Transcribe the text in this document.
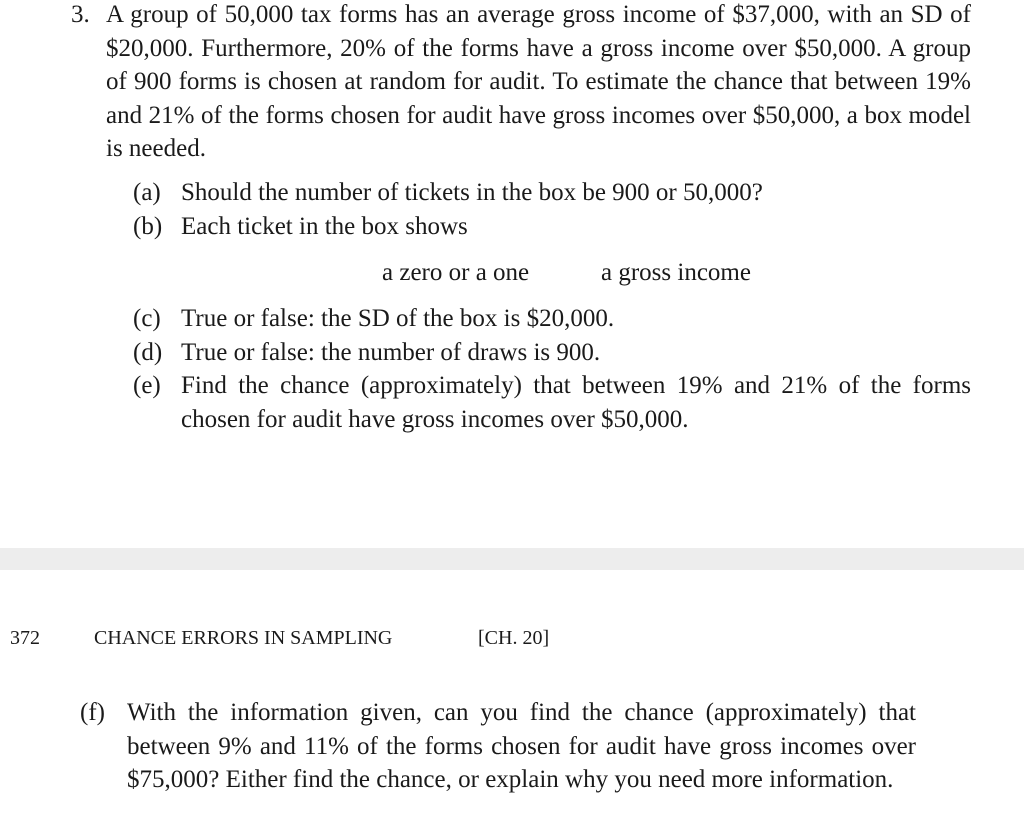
3. A group of 50,000 tax forms has an average gross income of $37,000, with an SD of $20,000. Furthermore, 20% of the forms have a gross income over $50,000. A group of 900 forms is chosen at random for audit. To estimate the chance that between 19% and 21% of the forms chosen for audit have gross incomes over $50,000, a box model is needed.
(a) Should the number of tickets in the box be 900 or 50,000?
(b) Each ticket in the box shows
a zero or a one	a gross income
(c) True or false: the SD of the box is $20,000.
(d) True or false: the number of draws is 900.
(e) Find the chance (approximately) that between 19% and 21% of the forms chosen for audit have gross incomes over $50,000.
372	CHANCE ERRORS IN SAMPLING	[CH. 20]
(f) With the information given, can you find the chance (approximately) that between 9% and 11% of the forms chosen for audit have gross incomes over $75,000? Either find the chance, or explain why you need more information.
